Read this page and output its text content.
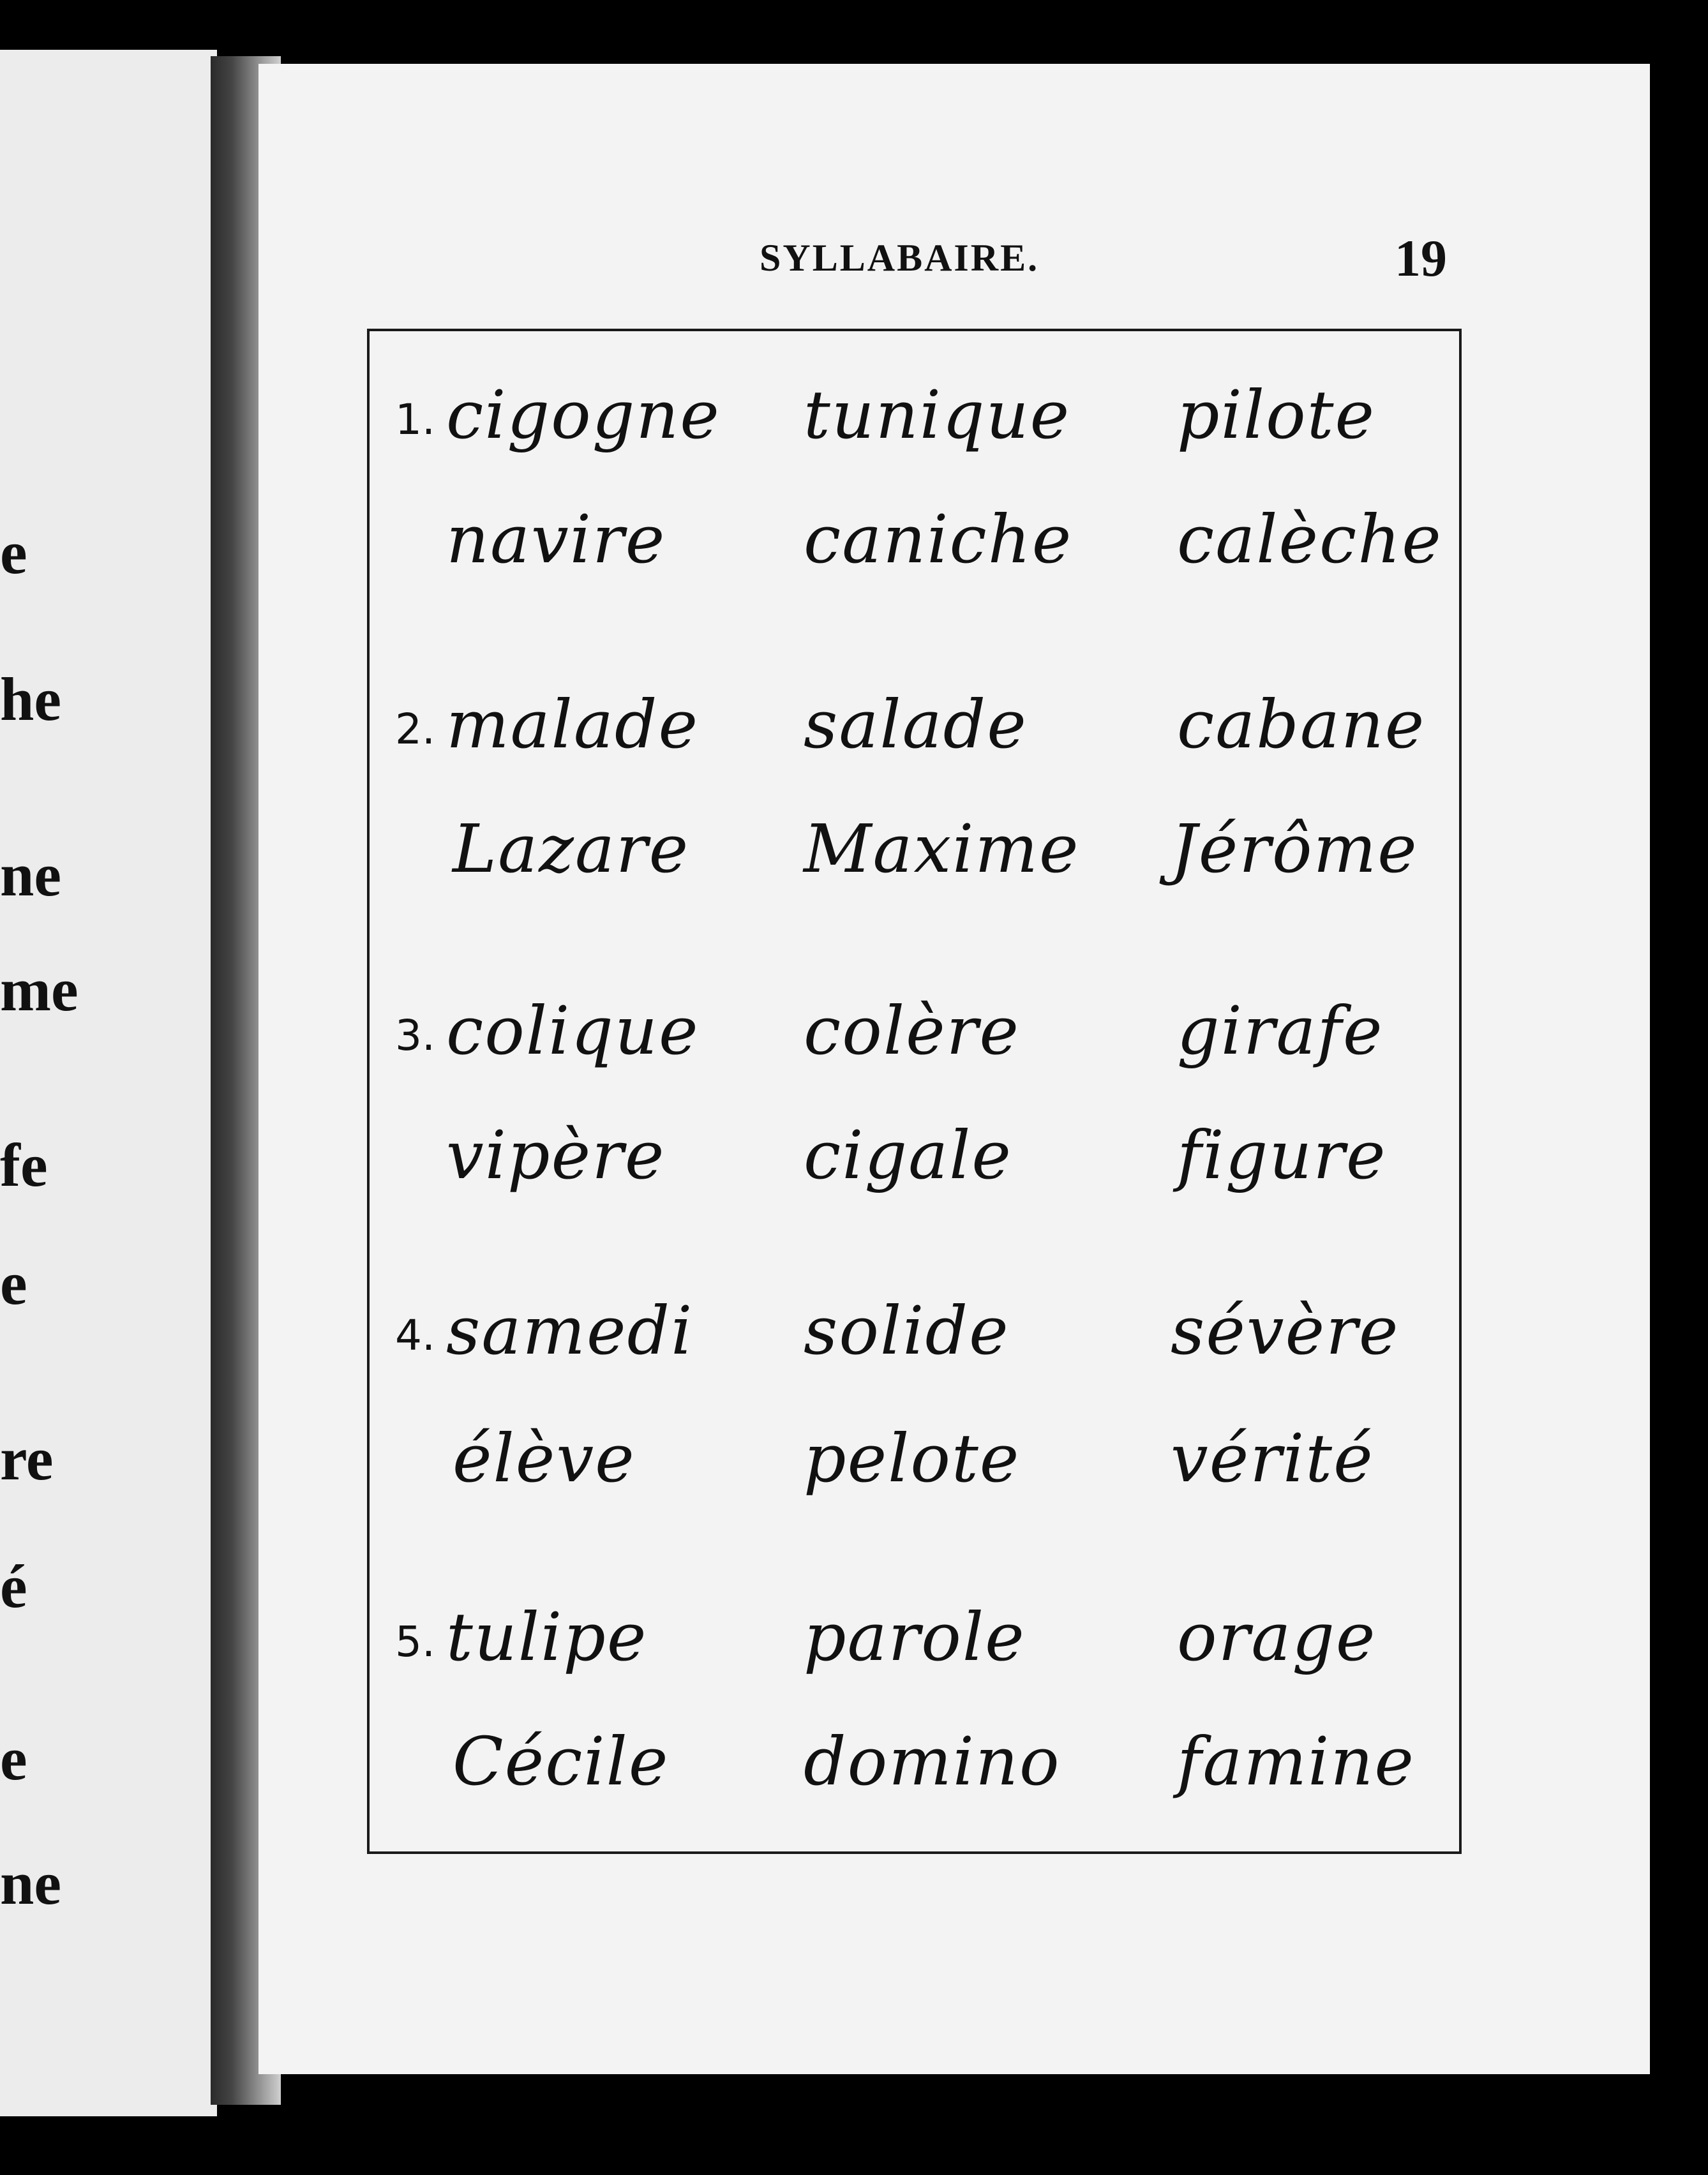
e
he
ne
me
fe
e
re
é
e
ne
SYLLABAIRE.	19
1. cigogne tunique pilote
navire caniche calèche
2. malade salade cabane
Lazare Maxime Jérôme
3. colique colère girafe
vipère cigale figure
4. samedi solide sévère
élève	pelote vérité
5. tulipe parole orage
Cécile domino famine
